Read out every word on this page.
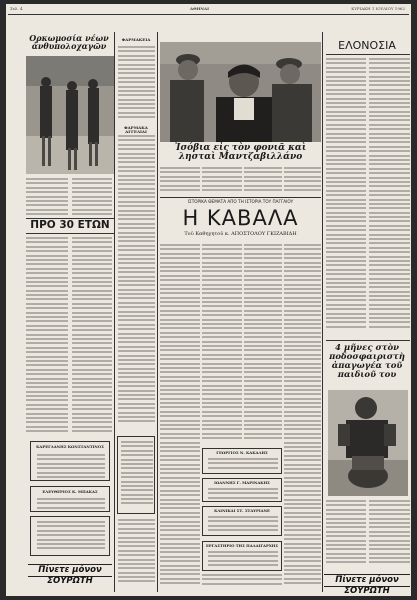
Σελ. 4	ΑΘΗΝΑΙ	ΚΥΡΙΑΚΗ 1 ΙΟΥΛΙΟΥ 1962
Ορκωμοσία νέων ἀνθυπολοχαγῶν
ΠΡΟ 30 ΕΤΩΝ
ΚΑΡΕΓΛΑΝΗΣ ΚΩΝΣΤΑΝΤΙΝΟΣ
ΕΛΕΥΘΕΡΙΟΣ Κ. ΜΠΑΚΑΣ
Πίνετε μόνον ΣΟΥΡΩΤΗ
ΦΑΡΜΑΚΕΙΑ
ΦΑΡΜΑΚΑ ΑΓΓΕΛΙΑΙ
Ἰσόβια εἰς τὸν φονιᾶ καὶ λησταὶ Μαντζαβιλλάνο
ΙΣΤΟΡΙΚΑ ΘΕΜΑΤΑ ΑΠΟ ΤΗ ΙΣΤΟΡΙΑ ΤΟΥ ΠΑΓΓΑΙΟΥ
Η ΚΑΒΑΛΑ
Τοῦ Καθηγητοῦ κ. ΑΠΟΣΤΟΛΟΥ ΓΚΙΖΑΒΙΔΗ
ΓΕΩΡΓΙΟΣ Ν. ΚΑΚΑΛΗΣ
ΙΩΑΝΝΗΣ Γ. ΜΑΡΙΝΑΚΗΣ
ΚΛΙΝΙΚΑΙ ΣΤ. ΣΤΑΥΡΙΑΝΕ
ΕΡΓΑΣΤΗΡΙΟ ΤΗΣ ΠΑΛΑΙΓΑΡΧΗΣ
ΕΛΟΝΟΣΙΑ
4 μῆνες στὸν ποδοσφαιριστὴ ἀπαγωγέα τοῦ παιδιοῦ του
Πίνετε μόνον ΣΟΥΡΩΤΗ
